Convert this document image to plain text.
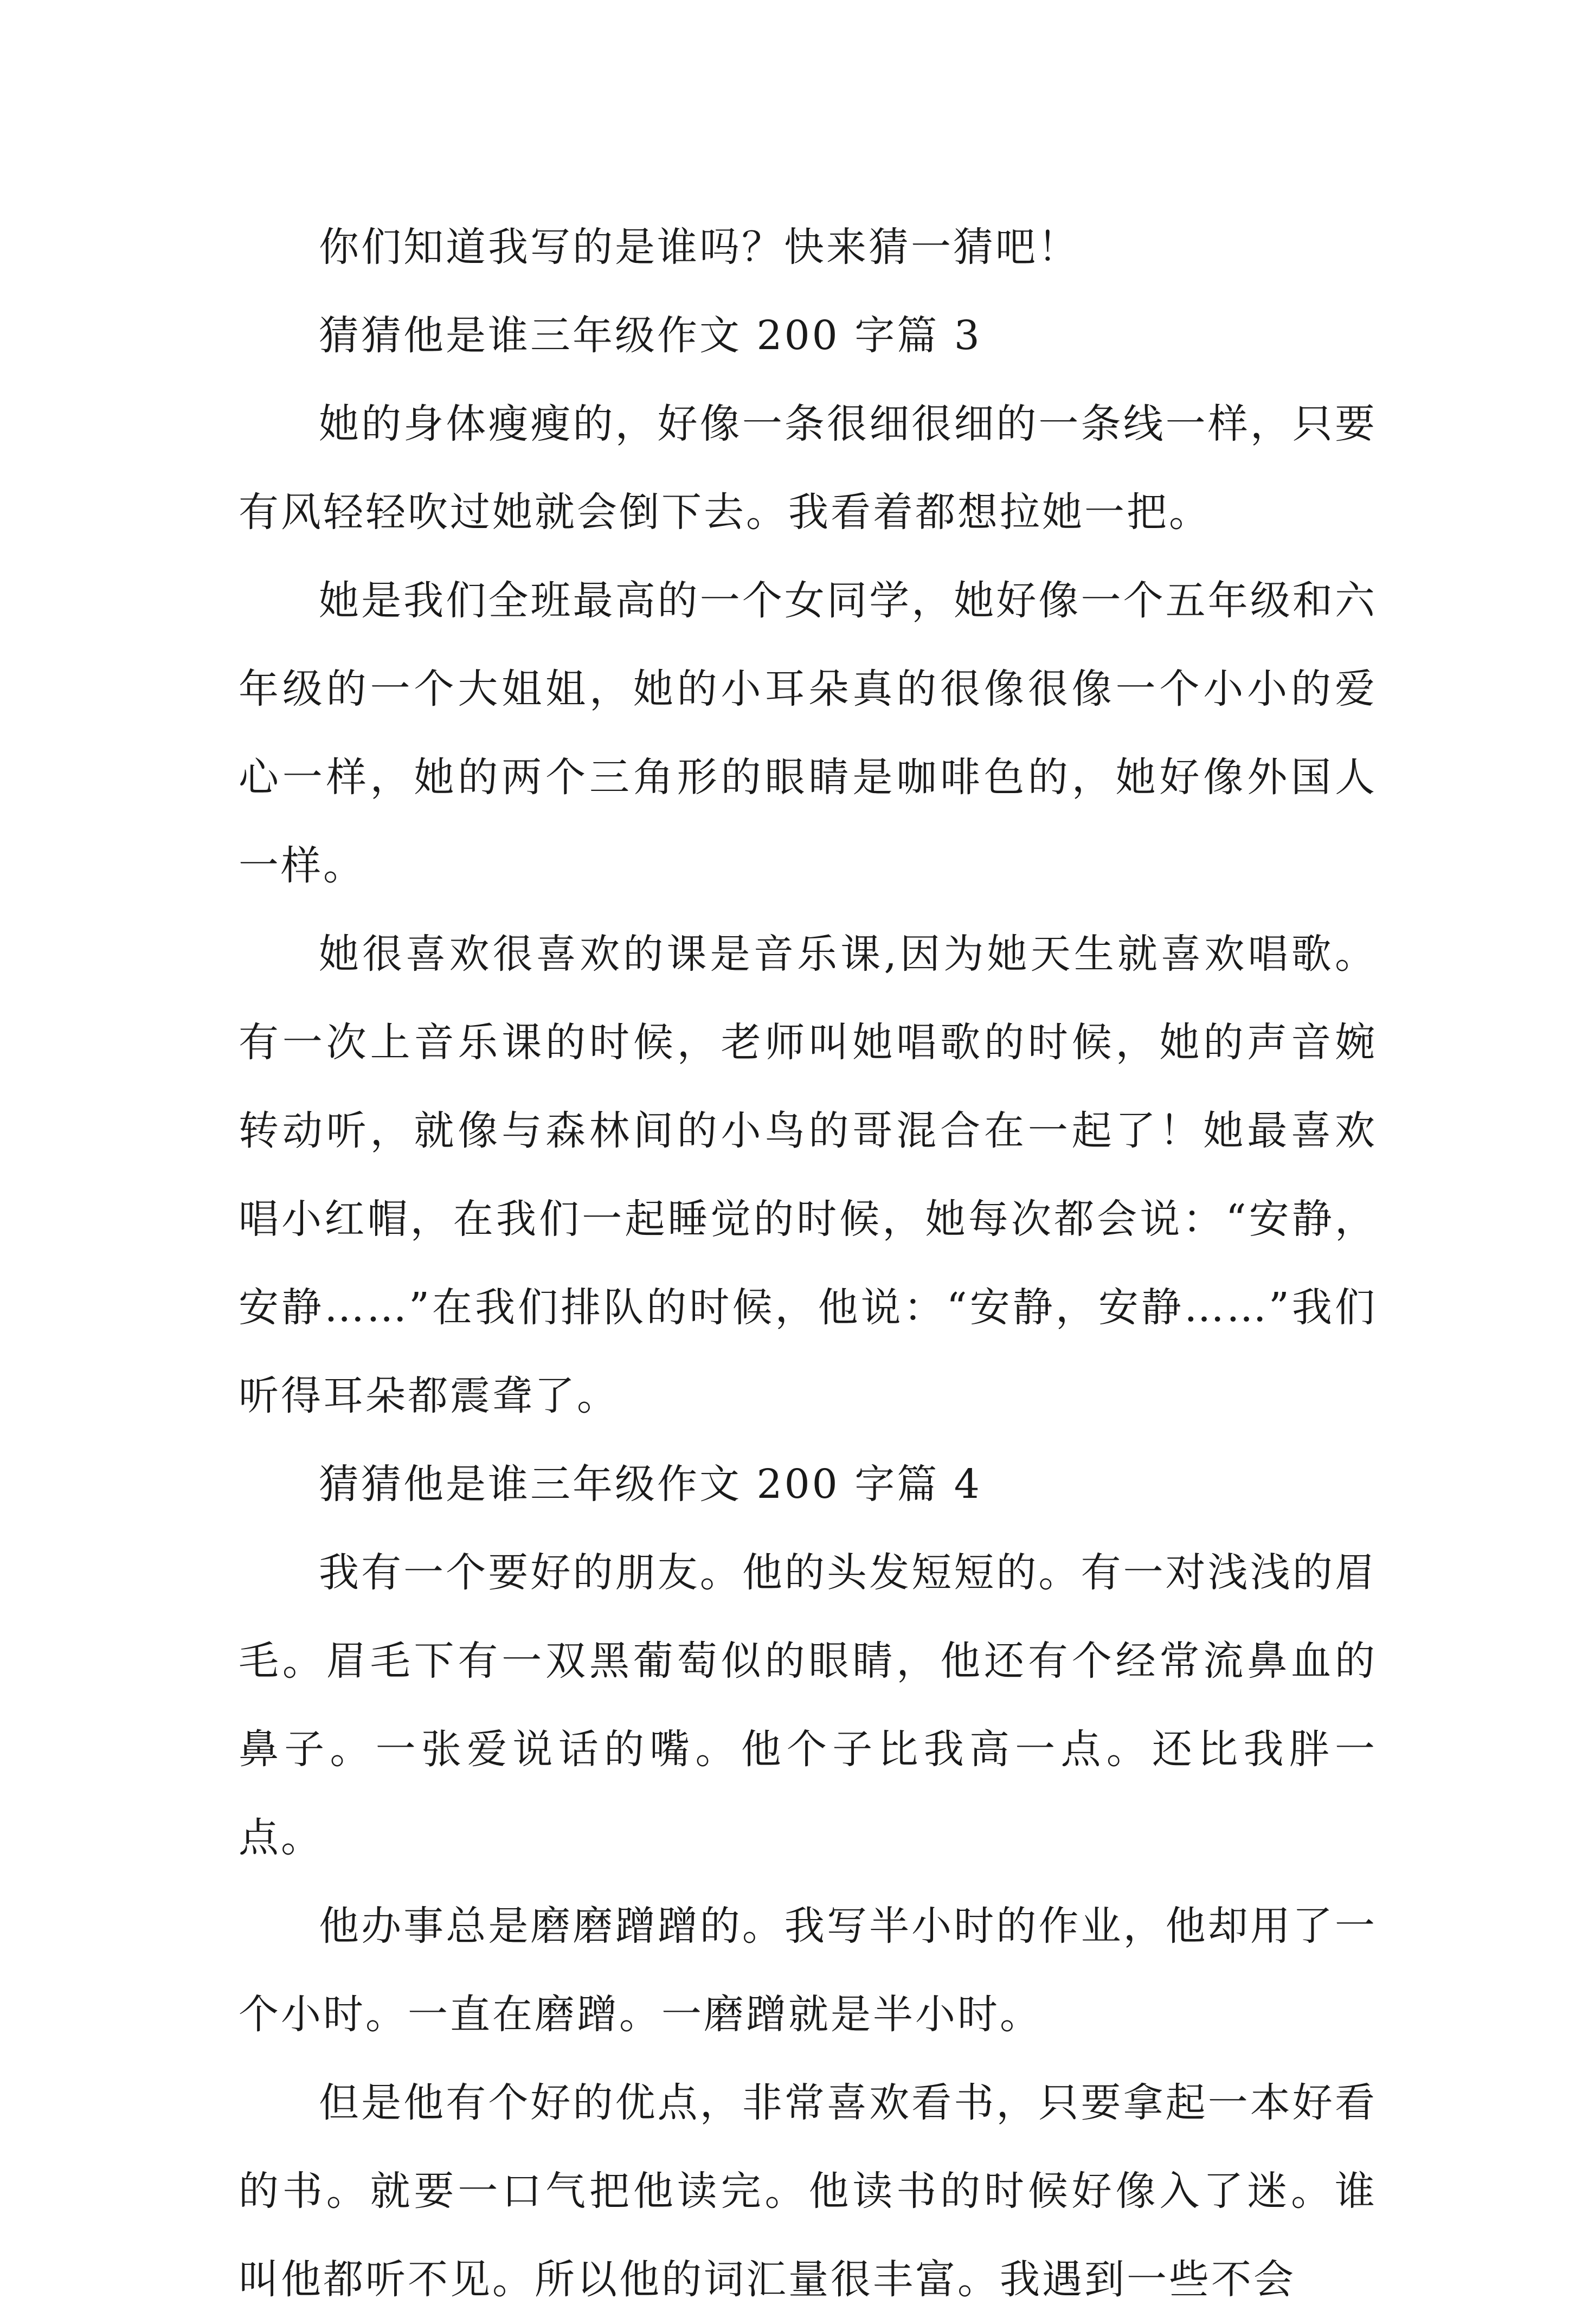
你们知道我写的是谁吗？快来猜一猜吧！

猜猜他是谁三年级作文 200 字篇 3

她的身体瘦瘦的，好像一条很细很细的一条线一样，只要有风轻轻吹过她就会倒下去。我看着都想拉她一把。

她是我们全班最高的一个女同学，她好像一个五年级和六年级的一个大姐姐，她的小耳朵真的很像很像一个小小的爱心一样，她的两个三角形的眼睛是咖啡色的，她好像外国人一样。

她很喜欢很喜欢的课是音乐课,因为她天生就喜欢唱歌。有一次上音乐课的时候，老师叫她唱歌的时候，她的声音婉转动听，就像与森林间的小鸟的哥混合在一起了！她最喜欢唱小红帽，在我们一起睡觉的时候，她每次都会说：“安静，安静……”在我们排队的时候，他说：“安静，安静……”我们听得耳朵都震聋了。

猜猜他是谁三年级作文 200 字篇 4

我有一个要好的朋友。他的头发短短的。有一对浅浅的眉毛。眉毛下有一双黑葡萄似的眼睛，他还有个经常流鼻血的鼻子。一张爱说话的嘴。他个子比我高一点。还比我胖一点。

他办事总是磨磨蹭蹭的。我写半小时的作业，他却用了一个小时。一直在磨蹭。一磨蹭就是半小时。

但是他有个好的优点，非常喜欢看书，只要拿起一本好看的书。就要一口气把他读完。他读书的时候好像入了迷。谁叫他都听不见。所以他的词汇量很丰富。我遇到一些不会
